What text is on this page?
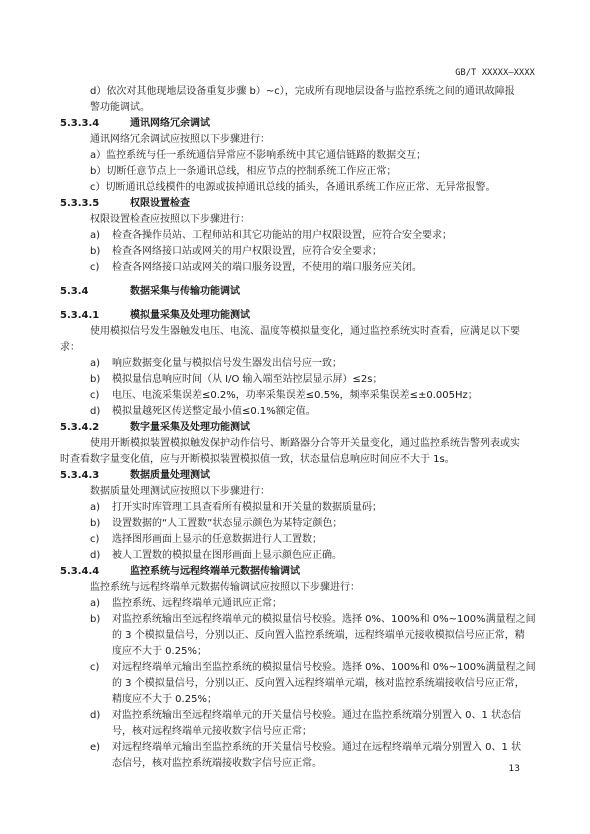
GB/T XXXXX—XXXX
d）依次对其他现地层设备重复步骤 b）~c），完成所有现地层设备与监控系统之间的通讯故障报
警功能调试。
5.3.3.4	通讯网络冗余调试
通讯网络冗余调试应按照以下步骤进行：
a）监控系统与任一系统通信异常应不影响系统中其它通信链路的数据交互；
b）切断任意节点上一条通讯总线，相应节点的控制系统工作应正常；
c）切断通讯总线模件的电源或拔掉通讯总线的插头，各通讯系统工作应正常、无异常报警。
5.3.3.5	权限设置检查
权限设置检查应按照以下步骤进行：
a) 检查各操作员站、工程师站和其它功能站的用户权限设置，应符合安全要求；
b) 检查各网络接口站或网关的用户权限设置，应符合安全要求；
c) 检查各网络接口站或网关的端口服务设置，不使用的端口服务应关闭。
5.3.4	数据采集与传输功能调试
5.3.4.1	模拟量采集及处理功能测试
使用模拟信号发生器触发电压、电流、温度等模拟量变化，通过监控系统实时查看，应满足以下要
求：
a) 响应数据变化量与模拟信号发生器发出信号应一致；
b) 模拟量信息响应时间（从 I/O 输入端至站控层显示屏）≤2s；
c) 电压、电流采集误差≤0.2%，功率采集误差≤0.5%，频率采集误差≤±0.005Hz；
d) 模拟量越死区传送整定最小值≤0.1%额定值。
5.3.4.2	数字量采集及处理功能测试
使用开断模拟装置模拟触发保护动作信号、断路器分合等开关量变化，通过监控系统告警列表或实
时查看数字量变化值，应与开断模拟装置模拟值一致，状态量信息响应时间应不大于 1s。
5.3.4.3	数据质量处理测试
数据质量处理测试应按照以下步骤进行：
a) 打开实时库管理工具查看所有模拟量和开关量的数据质量码；
b) 设置数据的“人工置数”状态显示颜色为某特定颜色；
c) 选择图形画面上显示的任意数据进行人工置数；
d) 被人工置数的模拟量在图形画面上显示颜色应正确。
5.3.4.4	监控系统与远程终端单元数据传输调试
监控系统与远程终端单元数据传输调试应按照以下步骤进行：
a) 监控系统、远程终端单元通讯应正常；
b) 对监控系统输出至远程终端单元的模拟量信号校验。选择 0%、100%和 0%~100%满量程之间
的 3 个模拟量信号，分别以正、反向置入监控系统端，远程终端单元接收模拟信号应正常，精
度应不大于 0.25%；
c) 对远程终端单元输出至监控系统的模拟量信号校验。选择 0%、100%和 0%~100%满量程之间
的 3 个模拟量信号，分别以正、反向置入远程终端单元端，核对监控系统端接收信号应正常，
精度应不大于 0.25%；
d) 对监控系统输出至远程终端单元的开关量信号校验。通过在监控系统端分别置入 0、1 状态信
号，核对远程终端单元接收数字信号应正常；
e) 对远程终端单元输出至监控系统的开关量信号校验。通过在远程终端单元端分别置入 0、1 状
态信号，核对监控系统端接收数字信号应正常。	13
